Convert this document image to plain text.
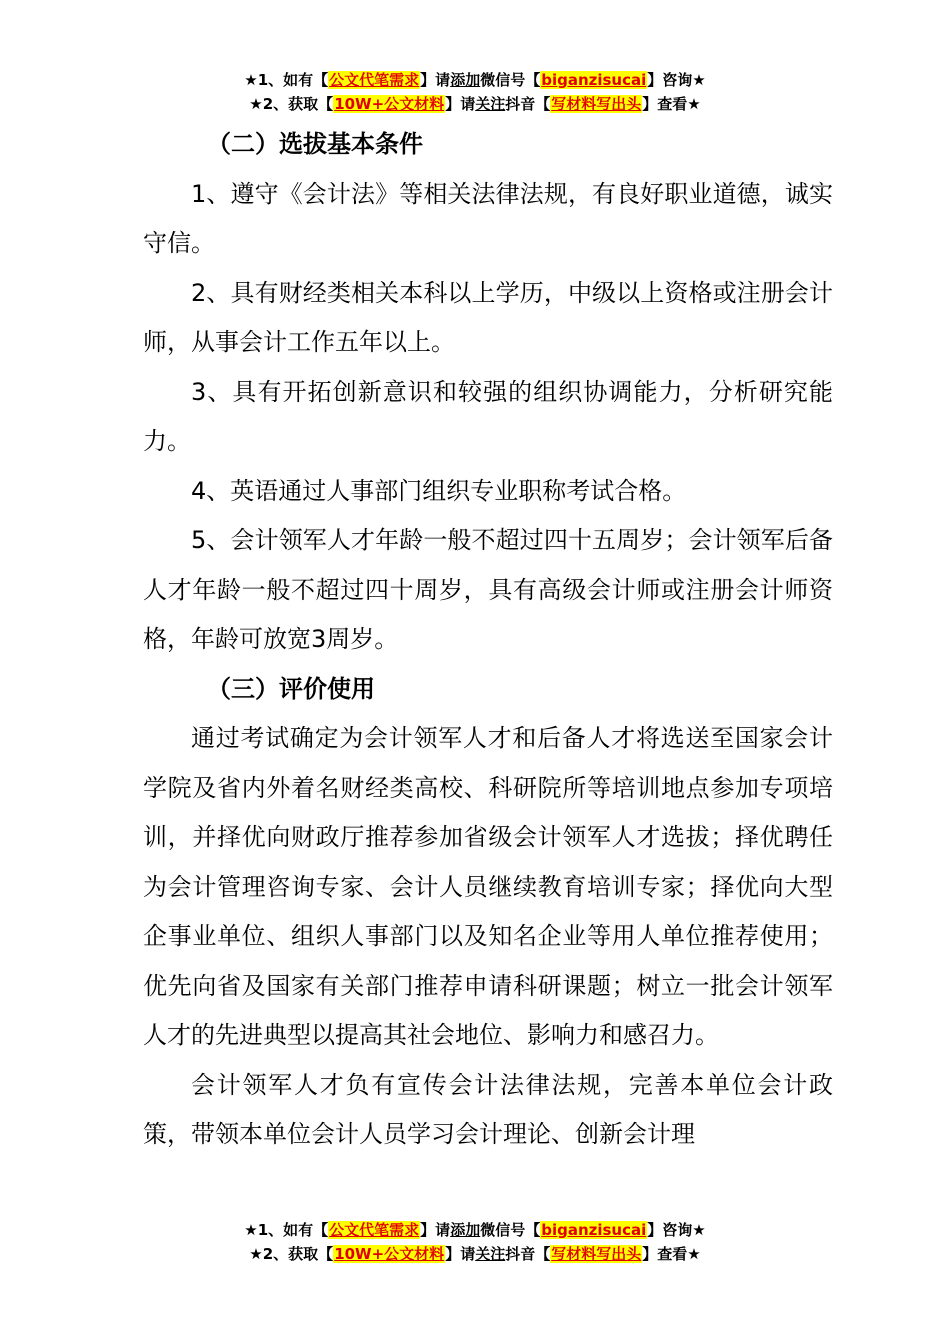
★1、如有【公文代笔需求】请添加微信号【biganzisucai】咨询★
★2、获取【10W+公文材料】请关注抖音【写材料写出头】查看★

（二）选拔基本条件

1、遵守《会计法》等相关法律法规，有良好职业道德，诚实守信。

2、具有财经类相关本科以上学历，中级以上资格或注册会计师，从事会计工作五年以上。

3、具有开拓创新意识和较强的组织协调能力，分析研究能力。

4、英语通过人事部门组织专业职称考试合格。

5、会计领军人才年龄一般不超过四十五周岁；会计领军后备人才年龄一般不超过四十周岁，具有高级会计师或注册会计师资格，年龄可放宽3周岁。

（三）评价使用

通过考试确定为会计领军人才和后备人才将选送至国家会计学院及省内外着名财经类高校、科研院所等培训地点参加专项培训，并择优向财政厅推荐参加省级会计领军人才选拔；择优聘任为会计管理咨询专家、会计人员继续教育培训专家；择优向大型企事业单位、组织人事部门以及知名企业等用人单位推荐使用；优先向省及国家有关部门推荐申请科研课题；树立一批会计领军人才的先进典型以提高其社会地位、影响力和感召力。

会计领军人才负有宣传会计法律法规，完善本单位会计政策，带领本单位会计人员学习会计理论、创新会计理

★1、如有【公文代笔需求】请添加微信号【biganzisucai】咨询★
★2、获取【10W+公文材料】请关注抖音【写材料写出头】查看★
